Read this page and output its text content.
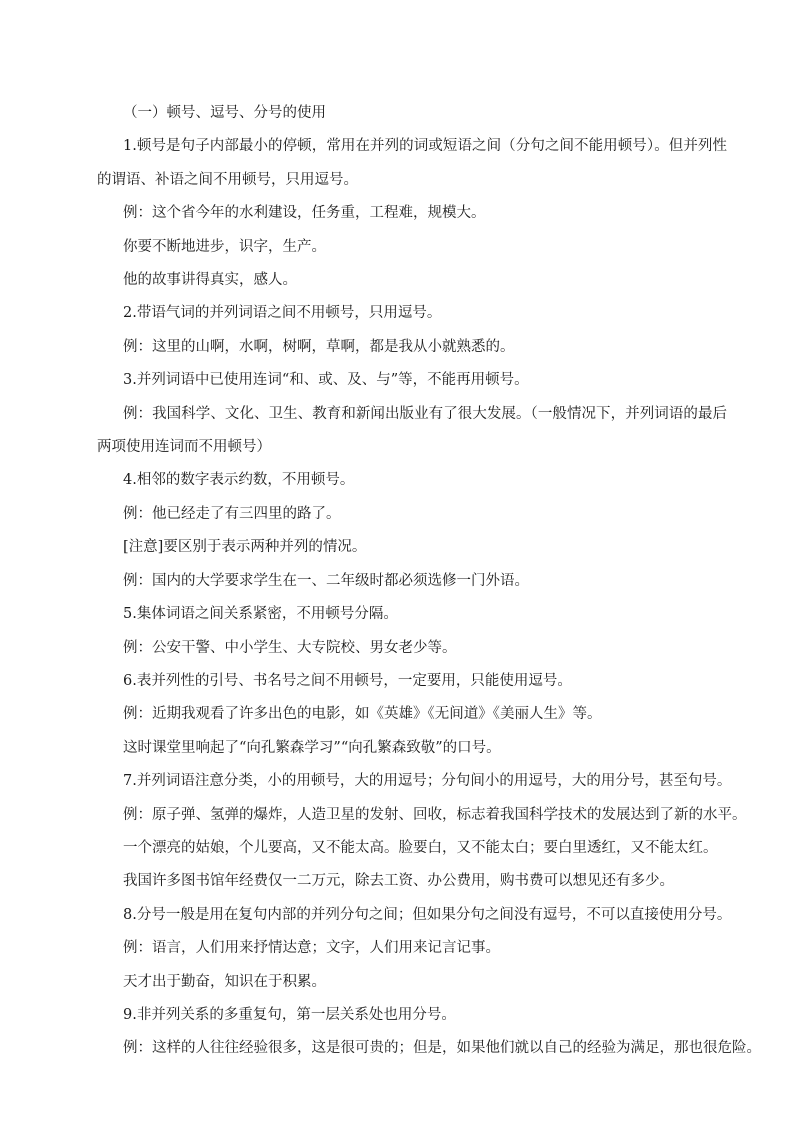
（一）顿号、逗号、分号的使用

1.顿号是句子内部最小的停顿，常用在并列的词或短语之间（分句之间不能用顿号）。但并列性的谓语、补语之间不用顿号，只用逗号。

例：这个省今年的水利建设，任务重，工程难，规模大。

你要不断地进步，识字，生产。

他的故事讲得真实，感人。

2.带语气词的并列词语之间不用顿号，只用逗号。

例：这里的山啊，水啊，树啊，草啊，都是我从小就熟悉的。

3.并列词语中已使用连词“和、或、及、与”等，不能再用顿号。

例：我国科学、文化、卫生、教育和新闻出版业有了很大发展。（一般情况下，并列词语的最后两项使用连词而不用顿号）

4.相邻的数字表示约数，不用顿号。

例：他已经走了有三四里的路了。

[注意]要区别于表示两种并列的情况。

例：国内的大学要求学生在一、二年级时都必须选修一门外语。

5.集体词语之间关系紧密，不用顿号分隔。

例：公安干警、中小学生、大专院校、男女老少等。

6.表并列性的引号、书名号之间不用顿号，一定要用，只能使用逗号。

例：近期我观看了许多出色的电影，如《英雄》《无间道》《美丽人生》等。

这时课堂里响起了“向孔繁森学习”“向孔繁森致敬”的口号。

7.并列词语注意分类，小的用顿号，大的用逗号；分句间小的用逗号，大的用分号，甚至句号。

例：原子弹、氢弹的爆炸，人造卫星的发射、回收，标志着我国科学技术的发展达到了新的水平。

一个漂亮的姑娘，个儿要高，又不能太高。脸要白，又不能太白；要白里透红，又不能太红。

我国许多图书馆年经费仅一二万元，除去工资、办公费用，购书费可以想见还有多少。

8.分号一般是用在复句内部的并列分句之间；但如果分句之间没有逗号，不可以直接使用分号。

例：语言，人们用来抒情达意；文字，人们用来记言记事。

天才出于勤奋，知识在于积累。

9.非并列关系的多重复句，第一层关系处也用分号。

例：这样的人往往经验很多，这是很可贵的；但是，如果他们就以自己的经验为满足，那也很危险。
